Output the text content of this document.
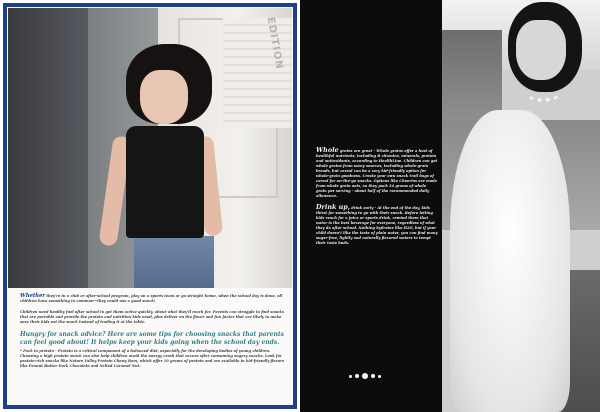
EDITION

Whether they're in a club or after-school program, play on a sports team or go straight home, when the school day is done, all children have something in common—they could use a good snack!

Children need healthy fuel after school to get them active quickly, about what they'll reach for. Parents can struggle to find snacks that are portable and provide the protein and nutrition kids need, plus deliver on the flavor and fun factor that are likely to make sure their kids eat the snack instead of trading it at the table.

Hungry for snack advice? Here are some tips for choosing snacks that parents can feel good about! It helps keep your kids going when the school day ends.

* Pack in protein - Protein is a critical component of a balanced diet, especially for the developing bodies of young children. Choosing a high protein snack can also help children avoid the energy crash that occurs after consuming sugary snacks. Look for protein-rich snacks like Nature Valley Protein Chewy Bars, which offer 10 grams of protein and are available in kid-friendly flavors like Peanut Butter Dark Chocolate and Salted Caramel Nut.

Whole grains are great - Whole grains offer a host of healthful nutrients, including B vitamins, minerals, protein and antioxidants, according to HealthLine. Children can get whole grains from many sources, including whole-grain breads, but cereal can be a very kid-friendly option for whole-grain goodness. Create your own snack trail bags of cereal for on-the-go snacks. Options like Cheerios are made from whole grain oats, so they pack 24 grams of whole grain per serving - about half of the recommended daily allowance.

Drink up, drink early - At the end of the day, kids thirst for something to go with their snack. Before letting kids reach for a juice or sports drink, remind them that water is the best beverage for everyone, regardless of what they do after school. Nothing hydrates like H2O, but if your child doesn't like the taste of plain water, you can find many sugar-free, lightly and naturally flavored waters to tempt their taste buds.
